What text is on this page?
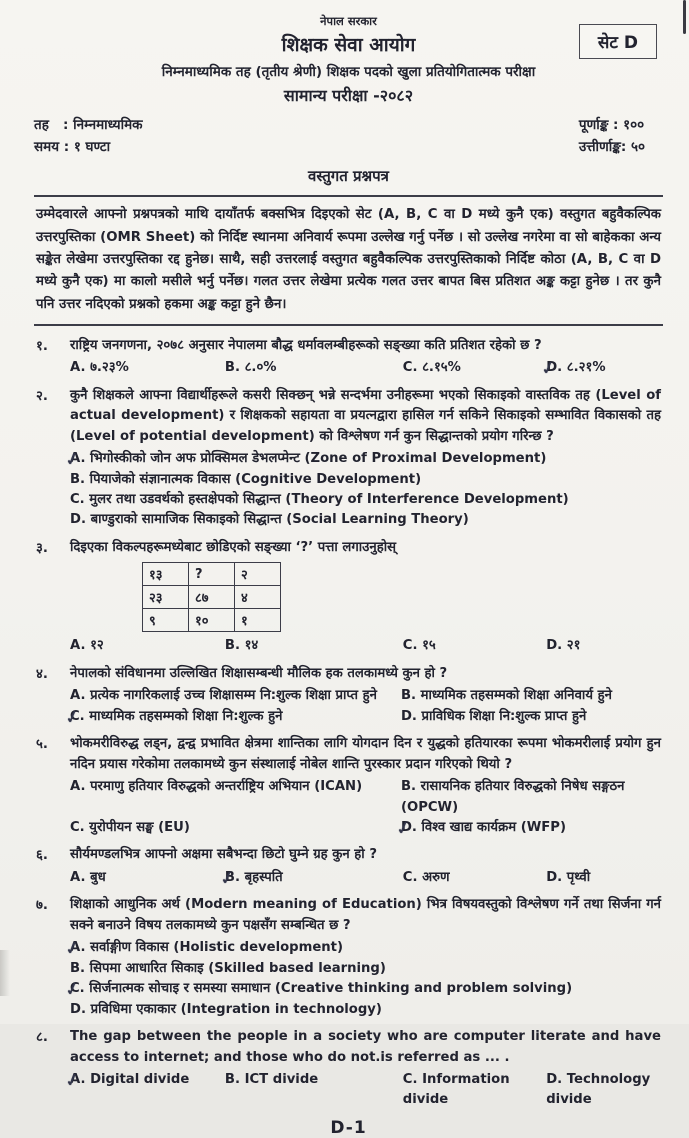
सेट D
नेपाल सरकार
शिक्षक सेवा आयोग
निम्नमाध्यमिक तह (तृतीय श्रेणी) शिक्षक पदको खुला प्रतियोगितात्मक परीक्षा
सामान्य परीक्षा -२०८२
तह : निम्नमाध्यमिक
समय : १ घण्टा
पूर्णाङ्क : १००
उत्तीर्णाङ्क: ५०
वस्तुगत प्रश्नपत्र
उम्मेदवारले आफ्नो प्रश्नपत्रको माथि दायाँतर्फ बक्सभित्र दिइएको सेट (A, B, C वा D मध्ये कुनै एक) वस्तुगत बहुवैकल्पिक उत्तरपुस्तिका (OMR Sheet) को निर्दिष्ट स्थानमा अनिवार्य रूपमा उल्लेख गर्नु पर्नेछ । सो उल्लेख नगरेमा वा सो बाहेकका अन्य सङ्केत लेखेमा उत्तरपुस्तिका रद्द हुनेछ। साथै, सही उत्तरलाई वस्तुगत बहुवैकल्पिक उत्तरपुस्तिकाको निर्दिष्ट कोठा (A, B, C वा D मध्ये कुनै एक) मा कालो मसीले भर्नु पर्नेछ। गलत उत्तर लेखेमा प्रत्येक गलत उत्तर बापत बिस प्रतिशत अङ्क कट्टा हुनेछ । तर कुनै पनि उत्तर नदिएको प्रश्नको हकमा अङ्क कट्टा हुने छैन।
१.	राष्ट्रिय जनगणना, २०७८ अनुसार नेपालमा बौद्ध धर्मावलम्बीहरूको सङ्ख्या कति प्रतिशत रहेको छ ?
A. ७.२३%	B. ८.०%	C. ८.१५%	D. ✓ ८.२१%
२.	कुनै शिक्षकले आफ्ना विद्यार्थीहरूले कसरी सिक्छन् भन्ने सन्दर्भमा उनीहरूमा भएको सिकाइको वास्तविक तह (Level of actual development) र शिक्षकको सहायता वा प्रयत्नद्वारा हासिल गर्न सकिने सिकाइको सम्भावित विकासको तह (Level of potential development) को विश्लेषण गर्न कुन सिद्धान्तको प्रयोग गरिन्छ ?
A. ✓ भिगोस्कीको जोन अफ प्रोक्सिमल डेभलप्मेन्ट (Zone of Proximal Development)
B. पियाजेको संज्ञानात्मक विकास (Cognitive Development)
C. मुलर तथा उडवर्थको हस्तक्षेपको सिद्धान्त (Theory of Interference Development)
D. बाण्डुराको सामाजिक सिकाइको सिद्धान्त (Social Learning Theory)
३.	दिइएका विकल्पहरूमध्येबाट छोडिएको सङ्ख्या ‘?’ पत्ता लगाउनुहोस्
१३	?	२
२३	८७	४
९	१०	१
A. १२	B. १४	C. १५	D. २१
४.	नेपालको संविधानमा उल्लिखित शिक्षासम्बन्धी मौलिक हक तलकामध्ये कुन हो ?
A. प्रत्येक नागरिकलाई उच्च शिक्षासम्म नि:शुल्क शिक्षा प्राप्त हुने	B. माध्यमिक तहसम्मको शिक्षा अनिवार्य हुने
C. ✓ माध्यमिक तहसम्मको शिक्षा नि:शुल्क हुने	D. प्राविधिक शिक्षा नि:शुल्क प्राप्त हुने
५.	भोकमरीविरुद्ध लड्न, द्वन्द्व प्रभावित क्षेत्रमा शान्तिका लागि योगदान दिन र युद्धको हतियारका रूपमा भोकमरीलाई प्रयोग हुन नदिन प्रयास गरेकोमा तलकामध्ये कुन संस्थालाई नोबेल शान्ति पुरस्कार प्रदान गरिएको थियो ?
A. परमाणु हतियार विरुद्धको अन्तर्राष्ट्रिय अभियान (ICAN)	B. रासायनिक हतियार विरुद्धको निषेध सङ्गठन (OPCW)
C. युरोपीयन सङ्घ (EU)	D. ✓ विश्व खाद्य कार्यक्रम (WFP)
६.	सौर्यमण्डलभित्र आफ्नो अक्षमा सबैभन्दा छिटो घुम्ने ग्रह कुन हो ?
A. बुध	B. ✓ बृहस्पति	C. अरुण	D. पृथ्वी
७.	शिक्षाको आधुनिक अर्थ (Modern meaning of Education) भित्र विषयवस्तुको विश्लेषण गर्ने तथा सिर्जना गर्न सक्ने बनाउने विषय तलकामध्ये कुन पक्षसँग सम्बन्धित छ ?
A. ✓ सर्वाङ्गीण विकास (Holistic development)
B. सिपमा आधारित सिकाइ (Skilled based learning)
C. ✓ सिर्जनात्मक सोचाइ र समस्या समाधान (Creative thinking and problem solving)
D. प्रविधिमा एकाकार (Integration in technology)
८.	The gap between the people in a society who are computer literate and have access to internet; and those who do not.is referred as ... .
A. ✓ Digital divide	B. ICT divide	C. Information divide
D. Technology divide
D-1
